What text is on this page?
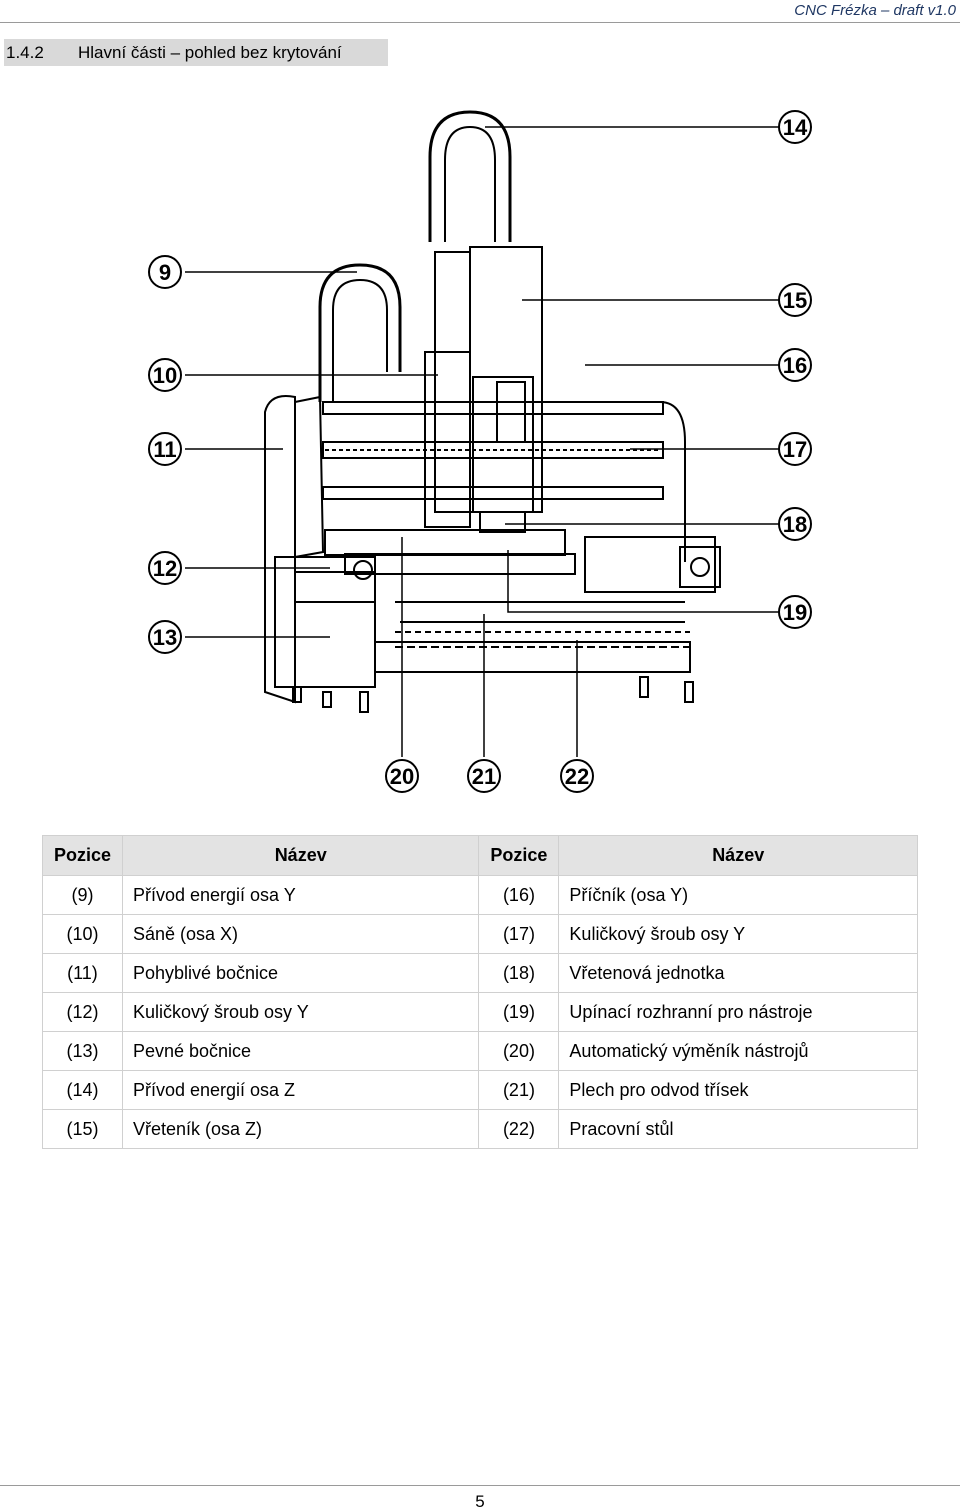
CNC Frézka – draft v1.0
1.4.2	Hlavní části – pohled bez krytování
14
9
15
10	16
11	17
18
12
19
13
20	21	22
Pozice	Název	Pozice	Název
(9)	Přívod energií osa Y	(16)	Příčník (osa Y)
(10)	Sáně (osa X)	(17)	Kuličkový šroub osy Y
(11)	Pohyblivé bočnice	(18)	Vřetenová jednotka
(12)	Kuličkový šroub osy Y	(19)	Upínací rozhranní pro nástroje
(13)	Pevné bočnice	(20)	Automatický výměník nástrojů
(14)	Přívod energií osa Z	(21)	Plech pro odvod třísek
(15)	Vřeteník (osa Z)	(22)	Pracovní stůl
5
